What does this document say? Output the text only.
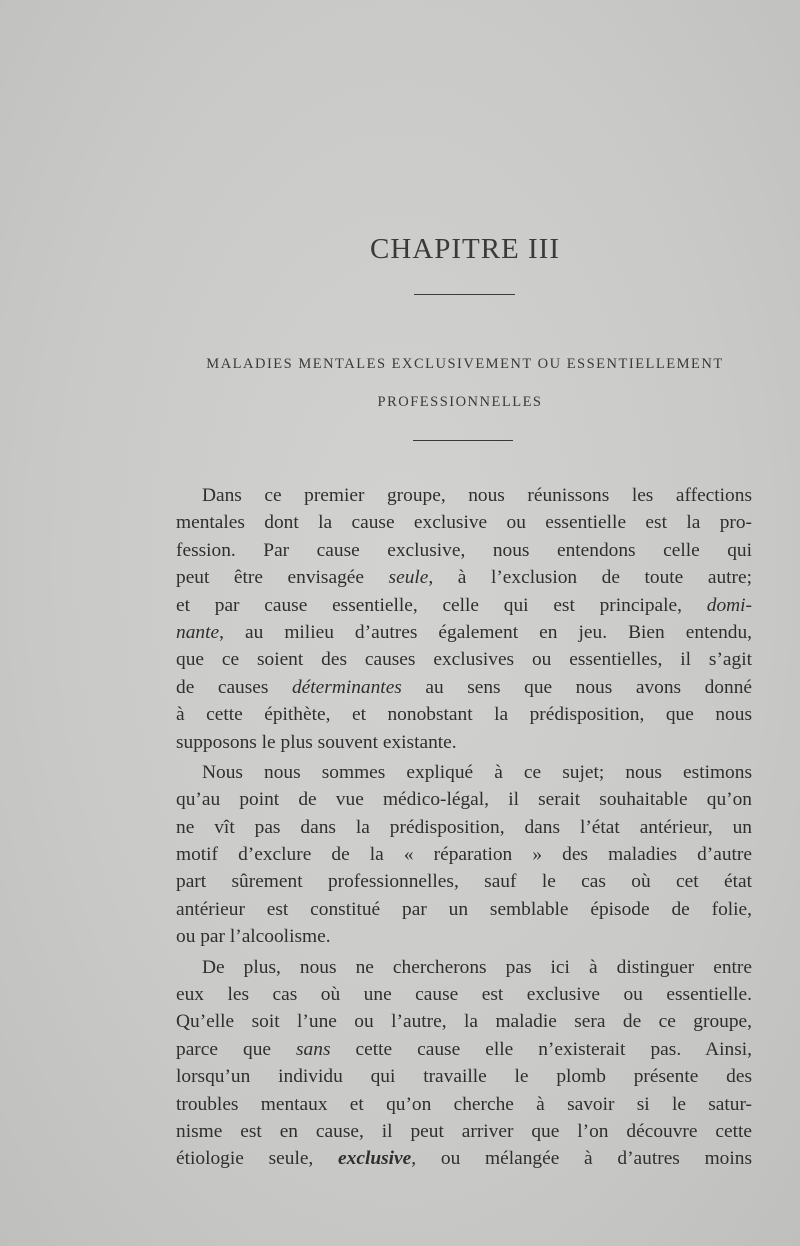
CHAPITRE III
MALADIES MENTALES EXCLUSIVEMENT OU ESSENTIELLEMENT
PROFESSIONNELLES
Dans ce premier groupe, nous réunissons les affections
mentales dont la cause exclusive ou essentielle est la pro-
fession. Par cause exclusive, nous entendons celle qui
peut être envisagée seule, à l’exclusion de toute autre;
et par cause essentielle, celle qui est principale, domi-
nante, au milieu d’autres également en jeu. Bien entendu,
que ce soient des causes exclusives ou essentielles, il s’agit
de causes déterminantes au sens que nous avons donné
à cette épithète, et nonobstant la prédisposition, que nous
supposons le plus souvent existante.
Nous nous sommes expliqué à ce sujet; nous estimons
qu’au point de vue médico-légal, il serait souhaitable qu’on
ne vît pas dans la prédisposition, dans l’état antérieur, un
motif d’exclure de la « réparation » des maladies d’autre
part sûrement professionnelles, sauf le cas où cet état
antérieur est constitué par un semblable épisode de folie,
ou par l’alcoolisme.
De plus, nous ne chercherons pas ici à distinguer entre
eux les cas où une cause est exclusive ou essentielle.
Qu’elle soit l’une ou l’autre, la maladie sera de ce groupe,
parce que sans cette cause elle n’existerait pas. Ainsi,
lorsqu’un individu qui travaille le plomb présente des
troubles mentaux et qu’on cherche à savoir si le satur-
nisme est en cause, il peut arriver que l’on découvre cette
étiologie seule, exclusive, ou mélangée à d’autres moins
